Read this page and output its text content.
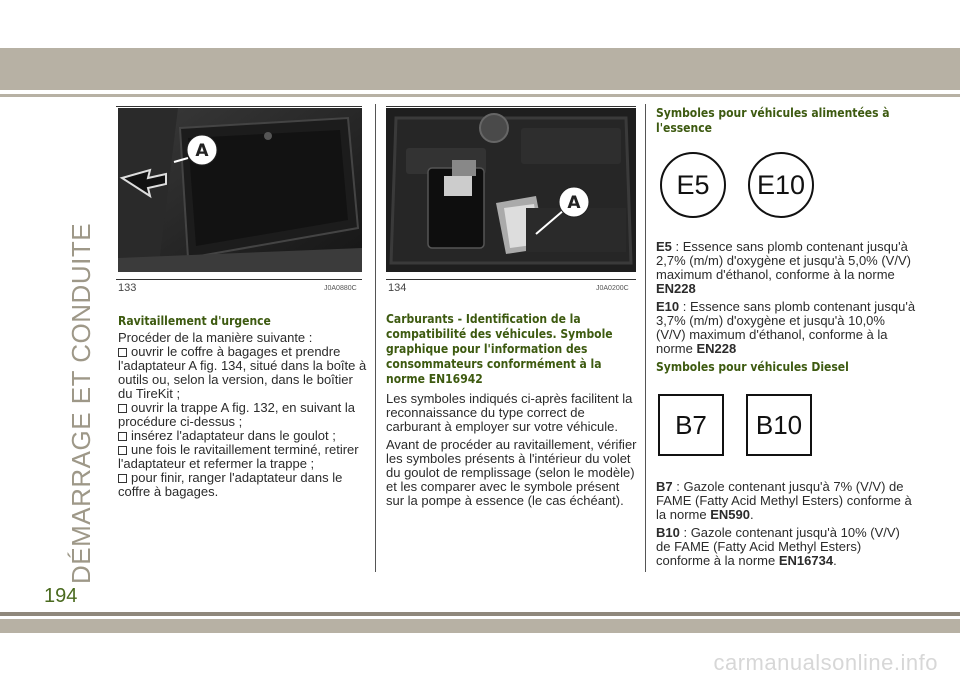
DÉMARRAGE ET CONDUITE
194
A
133	J0A0880C
A
134	J0A0200C
Ravitaillement d'urgence

Procéder de la manière suivante :

ouvrir le coffre à bagages et prendre l'adaptateur A fig. 134, situé dans la boîte à outils ou, selon la version, dans le boîtier du TireKit ;

ouvrir la trappe A fig. 132, en suivant la procédure ci-dessus ;

insérez l'adaptateur dans le goulot ;

une fois le ravitaillement terminé, retirer l'adaptateur et refermer la trappe ;

pour finir, ranger l'adaptateur dans le coffre à bagages.

Carburants - Identification de la compatibilité des véhicules. Symbole graphique pour l'information des consommateurs conformément à la norme EN16942

Les symboles indiqués ci-après facilitent la reconnaissance du type correct de carburant à employer sur votre véhicule.

Avant de procéder au ravitaillement, vérifier les symboles présents à l'intérieur du volet du goulot de remplissage (selon le modèle) et les comparer avec le symbole présent sur la pompe à essence (le cas échéant).

Symboles pour véhicules alimentées à l'essence
E5	E10

E5 : Essence sans plomb contenant jusqu'à 2,7% (m/m) d'oxygène et jusqu'à 5,0% (V/V) maximum d'éthanol, conforme à la norme EN228

E10 : Essence sans plomb contenant jusqu'à 3,7% (m/m) d'oxygène et jusqu'à 10,0% (V/V) maximum d'éthanol, conforme à la norme EN228

Symboles pour véhicules Diesel
B7	B10

B7 : Gazole contenant jusqu'à 7% (V/V) de FAME (Fatty Acid Methyl Esters) conforme à la norme EN590.

B10 : Gazole contenant jusqu'à 10% (V/V) de FAME (Fatty Acid Methyl Esters) conforme à la norme EN16734.

carmanualsonline.info
